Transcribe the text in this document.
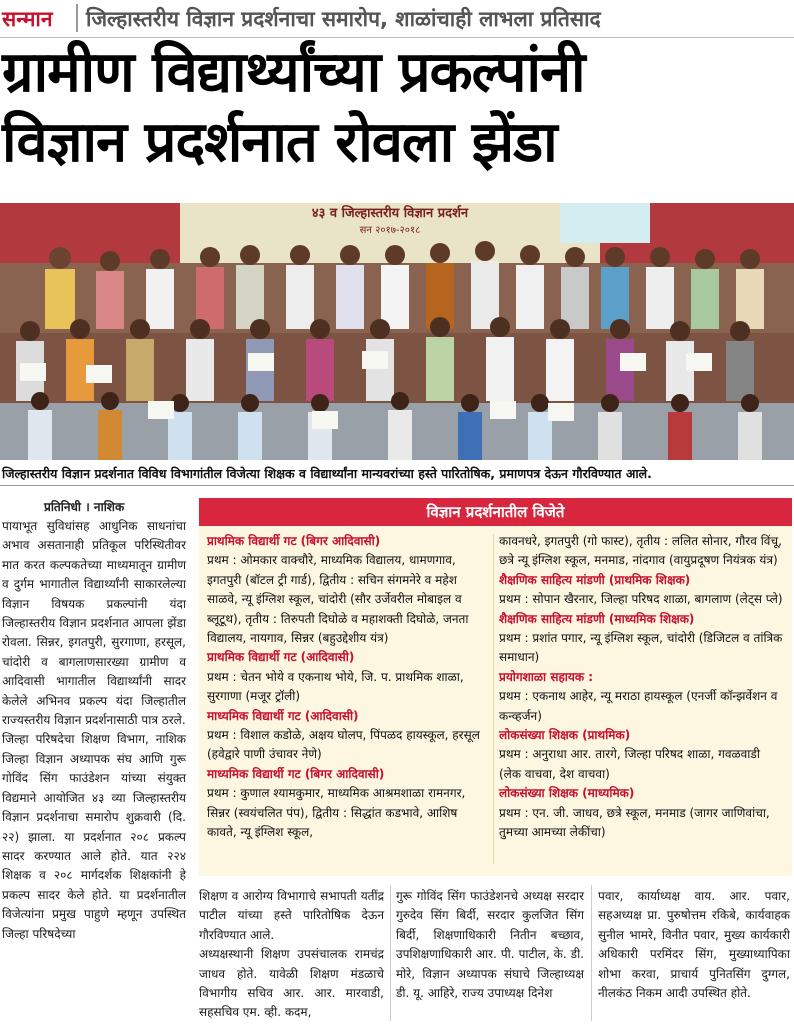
सन्मान जिल्हास्तरीय विज्ञान प्रदर्शनाचा समारोप, शाळांचाही लाभला प्रतिसाद
ग्रामीण विद्यार्थ्यांच्या प्रकल्पांनी
विज्ञान प्रदर्शनात रोवला झेंडा
४३ व जिल्हास्तरीय विज्ञान प्रदर्शन
सन २०१७-२०१८
जिल्हास्तरीय विज्ञान प्रदर्शनात विविध विभागांतील विजेत्या शिक्षक व विद्यार्थ्यांना मान्यवरांच्या हस्ते पारितोषिक, प्रमाणपत्र देऊन गौरविण्यात आले.
प्रतिनिधी । नाशिक

पायाभूत सुविधांसह आधुनिक साधनांचा अभाव असतानाही प्रतिकूल परिस्थितीवर मात करत कल्पकतेच्या माध्यमातून ग्रामीण व दुर्गम भागातील विद्यार्थ्यांनी साकारलेल्या विज्ञान विषयक प्रकल्पांनी यंदा जिल्हास्तरीय विज्ञान प्रदर्शनात आपला झेंडा रोवला. सिन्नर, इगतपुरी, सुरगाणा, हरसूल, चांदोरी व बागलाणसारख्या ग्रामीण व आदिवासी भागातील विद्यार्थ्यांनी सादर केलेले अभिनव प्रकल्प यंदा जिल्हातील राज्यस्तरीय विज्ञान प्रदर्शनासाठी पात्र ठरले.

जिल्हा परिषदेचा शिक्षण विभाग, नाशिक जिल्हा विज्ञान अध्यापक संघ आणि गुरू गोविंद सिंग फाउंडेशन यांच्या संयुक्त विद्यमाने आयोजित ४३ व्या जिल्हास्तरीय विज्ञान प्रदर्शनाचा समारोप शुक्रवारी (दि. २२) झाला. या प्रदर्शनात २०८ प्रकल्प सादर करण्यात आले होते. यात २२४ शिक्षक व २०८ मार्गदर्शक शिक्षकांनी हे प्रकल्प सादर केले होते. या प्रदर्शनातील विजेत्यांना प्रमुख पाहुणे म्हणून उपस्थित जिल्हा परिषदेच्या

विज्ञान प्रदर्शनातील विजेते
प्राथमिक विद्यार्थी गट (बिगर आदिवासी)
प्रथम : ओमकार वाक्चौरे, माध्यमिक विद्यालय, धामणगाव, इगतपुरी (बॉटल ट्री गार्ड), द्वितीय : सचिन संगमनेरे व महेश साळवे, न्यू इंग्लिश स्कूल, चांदोरी (सौर उर्जेवरील मोबाइल व ब्लूटूथ), तृतीय : तिरुपती दिघोळे व महाशक्ती दिघोळे, जनता विद्यालय, नायगाव, सिन्नर (बहुउद्देशीय यंत्र)
प्राथमिक विद्यार्थी गट (आदिवासी)
प्रथम : चेतन भोये व एकनाथ भोये, जि. प. प्राथमिक शाळा, सुरगाणा (मजूर ट्रॉली)
माध्यमिक विद्यार्थी गट (आदिवासी)
प्रथम : विशाल कडोळे, अक्षय घोलप, पिंपळद हायस्कूल, हरसूल (हवेद्वारे पाणी उंचावर नेणे)
माध्यमिक विद्यार्थी गट (बिगर आदिवासी)
प्रथम : कुणाल श्यामकुमार, माध्यमिक आश्रमशाळा रामनगर, सिन्नर (स्वयंचलित पंप), द्वितीय : सिद्धांत कडभावे, आशिष कावते, न्यू इंग्लिश स्कूल,
कावनधरे, इगतपुरी (गो फास्ट), तृतीय : ललित सोनार, गौरव विंचू, छत्रे न्यू इंग्लिश स्कूल, मनमाड, नांदगाव (वायुप्रदूषण नियंत्रक यंत्र)
शैक्षणिक साहित्य मांडणी (प्राथमिक शिक्षक)
प्रथम : सोपान खैरनार, जिल्हा परिषद शाळा, बागलाण (लेट्स प्ले)
शैक्षणिक साहित्य मांडणी (माध्यमिक शिक्षक)
प्रथम : प्रशांत पगार, न्यू इंग्लिश स्कूल, चांदोरी (डिजिटल व तांत्रिक समाधान)
प्रयोगशाळा सहायक :
प्रथम : एकनाथ आहेर, न्यू मराठा हायस्कूल (एनर्जी कॉन्झर्वेशन व कन्व्हर्जन)
लोकसंख्या शिक्षक (प्राथमिक)
प्रथम : अनुराधा आर. तारगे, जिल्हा परिषद शाळा, गवळवाडी (लेक वाचवा, देश वाचवा)
लोकसंख्या शिक्षक (माध्यमिक)
प्रथम : एन. जी. जाधव, छत्रे स्कूल, मनमाड (जागर जाणिवांचा, तुमच्या आमच्या लेकींचा)

शिक्षण व आरोग्य विभागाचे सभापती यतींद्र पाटील यांच्या हस्ते पारितोषिक देऊन गौरविण्यात आले.

अध्यक्षस्थानी शिक्षण उपसंचालक रामचंद्र जाधव होते. यावेळी शिक्षण मंडळाचे विभागीय सचिव आर. आर. मारवाडी, सहसचिव एम. व्ही. कदम,

गुरू गोविंद सिंग फाउंडेशनचे अध्यक्ष सरदार गुरुदेव सिंग बिर्दी, सरदार कुलजित सिंग बिर्दी, शिक्षणाधिकारी नितीन बच्छाव, उपशिक्षणाधिकारी आर. पी. पाटील, के. डी. मोरे, विज्ञान अध्यापक संघाचे जिल्हाध्यक्ष डी. यू. आहिरे, राज्य उपाध्यक्ष दिनेश

पवार, कार्याध्यक्ष वाय. आर. पवार, सहअध्यक्ष प्रा. पुरुषोत्तम रकिबे, कार्यवाहक सुनील भामरे, विनीत पवार, मुख्य कार्यकारी अधिकारी परमिंदर सिंग, मुख्याध्यापिका शोभा करवा, प्राचार्य पुनितसिंग दुग्गल, नीलकंठ निकम आदी उपस्थित होते.
